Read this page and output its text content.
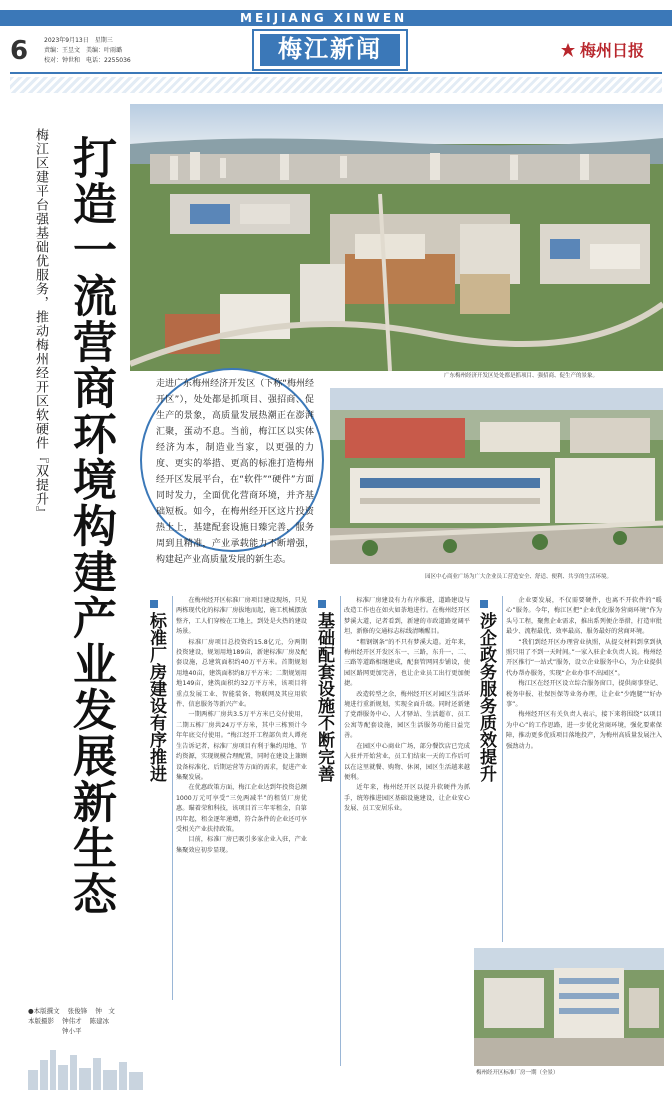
MEIJIANG XINWEN
6	2023年9月13日　星期三
责编：王昱文　美编：叶雨璐
校对：钟世和　电话：2255036	梅江新闻	梅州日报
梅江区建平台强基础优服务，推动梅州经开区软硬件『双提升』 打造一流营商环境构建产业发展新生态	广东梅州经济开发区处处都是抓项目、强招商、促生产的景象。
园区中心商业广场为广大企业员工营造安全、舒适、便利、共享的生活环境。
走进广东梅州经济开发区（下称“梅州经开区”），处处都是抓项目、强招商、促生产的景象，高质量发展热潮正在澎湃汇聚，蛋动不息。当前，梅江区以实体经济为本，制造业当家，以更强的力度、更实的举措、更高的标准打造梅州经开区发展平台，在“软件”“硬件”方面同时发力，全面优化营商环境，并齐基础短板。如今，在梅州经开区这片投资热土上，基建配套设施日臻完善，服务周到且精准，产业承载能力不断增强，构建起产业高质量发展的新生态。
标准厂房建设有序推进

在梅州经开区标准厂房项目建设现场，只见两栋现代化的标准厂房拔地而起，施工机械摆放整齐，工人们穿梭在工地上，到处是火热的建设场景。

标准厂房项目总投资约15.8亿元，分两期投资建设，规划用地189亩，新建标准厂房及配套设施，总建筑面积约40万平方米。首期规划用地40亩，建筑面积约8万平方米；二期规划用地149亩，建筑面积约32万平方米，该项目将重点发展工业、智能装备、物联网及其应用软件、信息服务等新兴产业。

一期两栋厂房共3.5万平方米已交付使用，二期五栋厂房共24万平方米，其中三栋预计今年年底交付使用。“梅江经开工程部负责人谭亮生告诉记者，标准厂房项目有利于集约用地、节约资源，实现规模合理配置，同时在建设上兼顾设备标准化、后期运营等方面的需求，促进产业集聚发展。

在优惠政策方面，梅江企业达到年投资总额1000万元可享受“三免两减半”的租赁厂房优惠。瞄着荣和科技，该项目首三年零租金，自第四年起，租金逐年递增，符合条件的企业还可享受相关产业扶持政策。

目前，标准厂房已吸引多家企业入驻，产业集聚效应初步显现。

基础配套设施不断完善

标准厂房建设有力有序推进，道路建设与改造工作也在如火如荼地进行。在梅州经开区梦溪大道，记者看到，新建的市政道路宽阔平坦，新修的交通标志标线清晰醒目。

“粗钢钢条”的不只有梦溪大道。近年来，梅州经开区开发区东一、三路，东升一、二、三路等道路相继建成，配套管网同步铺设，使园区路网更加完善，也让企业员工出行更加便捷。

改造转型之余，梅州经开区对园区生活环境进行重新规划，实现全面升级。同时还新建了党群服务中心、人才驿站、生活超市、员工公寓等配套设施，园区生活服务功能日益完善。

在园区中心商业广场，部分餐饮店已完成入驻并开始营业，员工们结束一天的工作后可以在这里就餐、购物、休闲，园区生活越来越便利。

近年来，梅州经开区以提升软硬件为抓手，统筹推进园区基础设施建设，让企业安心发展、员工安居乐业。

涉企政务服务质效提升

企业要发展，不仅需要硬件，也离不开软件的“暖心”服务。今年，梅江区把“企业优化服务营商环境”作为头号工程，聚焦企业需求，推出系列便企举措，打造审批最少、流程最优、效率最高、服务最好的营商环境。

“我们到经开区办理营业执照，从提交材料到拿到执照只用了不到一天时间。”一家入驻企业负责人说。梅州经开区推行“一站式”服务，设立企业服务中心，为企业提供代办帮办服务，实现“企业办事不出园区”。

梅江区在经开区设立综合服务窗口，提供商事登记、税务申报、社保医保等业务办理，让企业“少跑腿”“好办事”。

梅州经开区有关负责人表示，接下来将围绕“以项目为中心”的工作思路，进一步优化营商环境，强化要素保障，推动更多优质项目落地投产，为梅州高质量发展注入强劲动力。

梅州经开区标准厂房一期（全景）
●本版撰文 张俊锋 钟　文
本版摄影 钟伟才 陈建冰
钟小平
